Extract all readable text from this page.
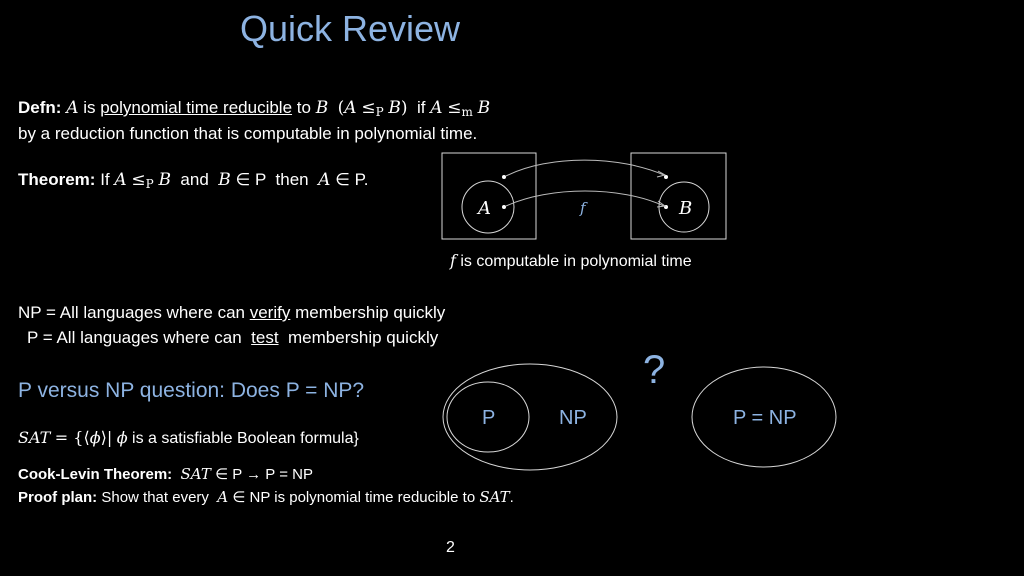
Quick Review
Defn: A is polynomial time reducible to B (A ≤P B) if A ≤m B
by a reduction function that is computable in polynomial time.
Theorem: If A ≤P B and B ∈ P then A ∈ P.
A	B
f
f is computable in polynomial time
NP = All languages where can verify membership quickly
P = All languages where can test membership quickly
P versus NP question: Does P = NP?	?
P	NP	P = NP
SAT = {⟨ϕ⟩| ϕ is a satisfiable Boolean formula}
Cook-Levin Theorem: SAT ∈ P → P = NP
Proof plan: Show that every A ∈ NP is polynomial time reducible to SAT.
2
